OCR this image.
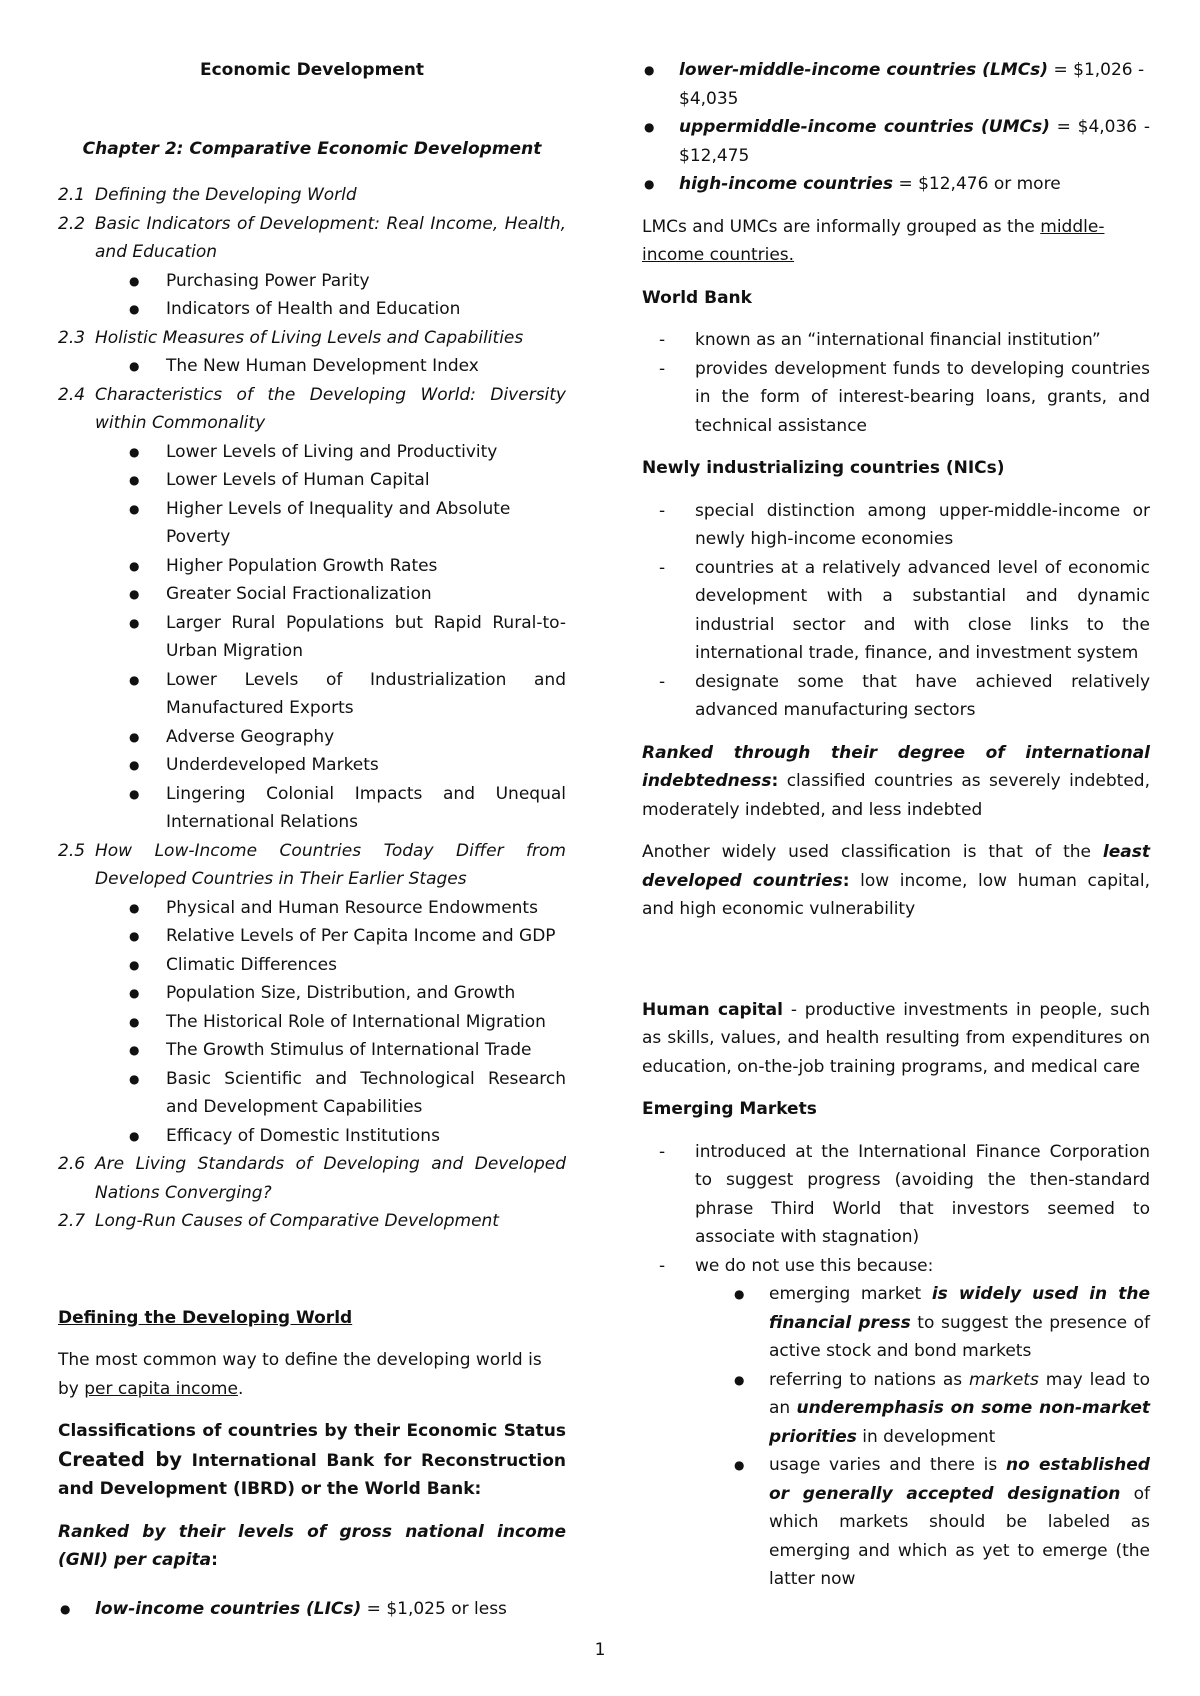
Economic Development

Chapter 2: Comparative Economic Development

2.1 Defining the Developing World
2.2 Basic Indicators of Development: Real Income, Health, and Education
● Purchasing Power Parity
● Indicators of Health and Education
2.3 Holistic Measures of Living Levels and Capabilities
● The New Human Development Index
2.4 Characteristics of the Developing World: Diversity within Commonality
● Lower Levels of Living and Productivity
● Lower Levels of Human Capital
● Higher Levels of Inequality and Absolute Poverty
● Higher Population Growth Rates
● Greater Social Fractionalization
● Larger Rural Populations but Rapid Rural-to-Urban Migration
● Lower Levels of Industrialization and Manufactured Exports
● Adverse Geography
● Underdeveloped Markets
● Lingering Colonial Impacts and Unequal International Relations
2.5 How Low-Income Countries Today Differ from Developed Countries in Their Earlier Stages
● Physical and Human Resource Endowments
● Relative Levels of Per Capita Income and GDP
● Climatic Differences
● Population Size, Distribution, and Growth
● The Historical Role of International Migration
● The Growth Stimulus of International Trade
● Basic Scientific and Technological Research and Development Capabilities
● Efficacy of Domestic Institutions
2.6 Are Living Standards of Developing and Developed Nations Converging?
2.7 Long-Run Causes of Comparative Development

Defining the Developing World

The most common way to define the developing world is by per capita income.

Classifications of countries by their Economic Status Created by International Bank for Reconstruction and Development (IBRD) or the World Bank:

Ranked by their levels of gross national income (GNI) per capita:

● low-income countries (LICs) = $1,025 or less
● lower-middle-income countries (LMCs) = $1,026 - $4,035
● uppermiddle-income countries (UMCs) = $4,036 - $12,475
● high-income countries = $12,476 or more

LMCs and UMCs are informally grouped as the middle-income countries.

World Bank

- known as an “international financial institution”
- provides development funds to developing countries in the form of interest-bearing loans, grants, and technical assistance

Newly industrializing countries (NICs)

- special distinction among upper-middle-income or newly high-income economies
- countries at a relatively advanced level of economic development with a substantial and dynamic industrial sector and with close links to the international trade, finance, and investment system
- designate some that have achieved relatively advanced manufacturing sectors

Ranked through their degree of international indebtedness: classified countries as severely indebted, moderately indebted, and less indebted

Another widely used classification is that of the least developed countries: low income, low human capital, and high economic vulnerability

Human capital - productive investments in people, such as skills, values, and health resulting from expenditures on education, on-the-job training programs, and medical care

Emerging Markets

- introduced at the International Finance Corporation to suggest progress (avoiding the then-standard phrase Third World that investors seemed to associate with stagnation)
- we do not use this because:
● emerging market is widely used in the financial press to suggest the presence of active stock and bond markets
● referring to nations as markets may lead to an underemphasis on some non-market priorities in development
● usage varies and there is no established or generally accepted designation of which markets should be labeled as emerging and which as yet to emerge (the latter now
1
